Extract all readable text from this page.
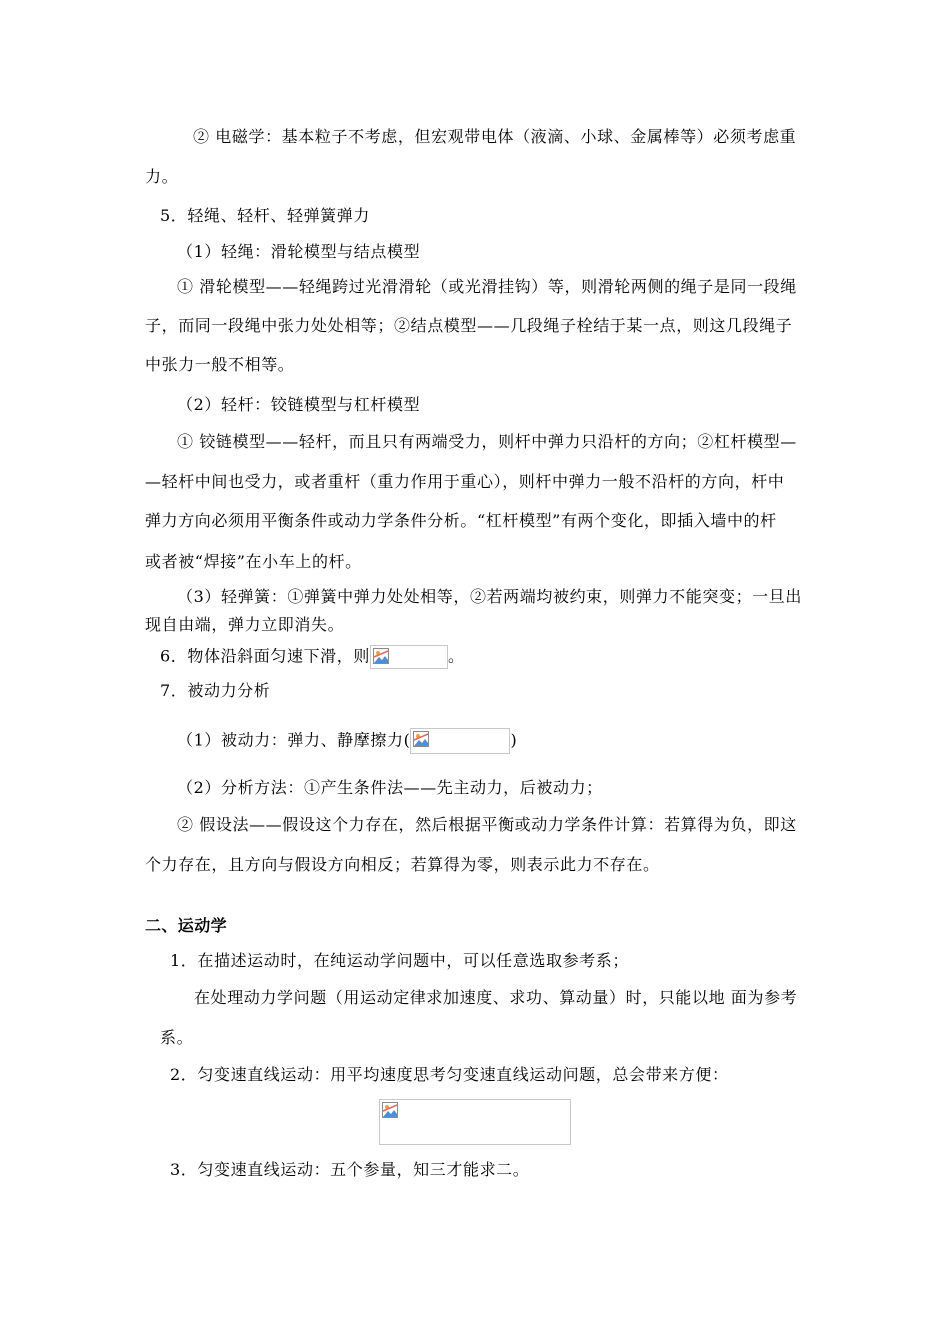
② 电磁学：基本粒子不考虑，但宏观带电体（液滴、小球、金属棒等）必须考虑重
力。
5．轻绳、轻杆、轻弹簧弹力
（1）轻绳：滑轮模型与结点模型
① 滑轮模型——轻绳跨过光滑滑轮（或光滑挂钩）等，则滑轮两侧的绳子是同一段绳
子，而同一段绳中张力处处相等；②结点模型——几段绳子栓结于某一点，则这几段绳子
中张力一般不相等。
（2）轻杆：铰链模型与杠杆模型
① 铰链模型——轻杆，而且只有两端受力，则杆中弹力只沿杆的方向；②杠杆模型—
—轻杆中间也受力，或者重杆（重力作用于重心），则杆中弹力一般不沿杆的方向，杆中
弹力方向必须用平衡条件或动力学条件分析。“杠杆模型”有两个变化，即插入墙中的杆
或者被“焊接”在小车上的杆。
（3）轻弹簧：①弹簧中弹力处处相等，②若两端均被约束，则弹力不能突变；一旦出
现自由端，弹力立即消失。
6．物体沿斜面匀速下滑，则	。
7．被动力分析
（1）被动力：弹力、静摩擦力(	)
（2）分析方法：①产生条件法——先主动力，后被动力；
② 假设法——假设这个力存在，然后根据平衡或动力学条件计算：若算得为负，即这
个力存在，且方向与假设方向相反；若算得为零，则表示此力不存在。
二、运动学
1．在描述运动时，在纯运动学问题中，可以任意选取参考系；
在处理动力学问题（用运动定律求加速度、求功、算动量）时，只能以地 面为参考
系。
2．匀变速直线运动：用平均速度思考匀变速直线运动问题，总会带来方便：
3．匀变速直线运动：五个参量，知三才能求二。
